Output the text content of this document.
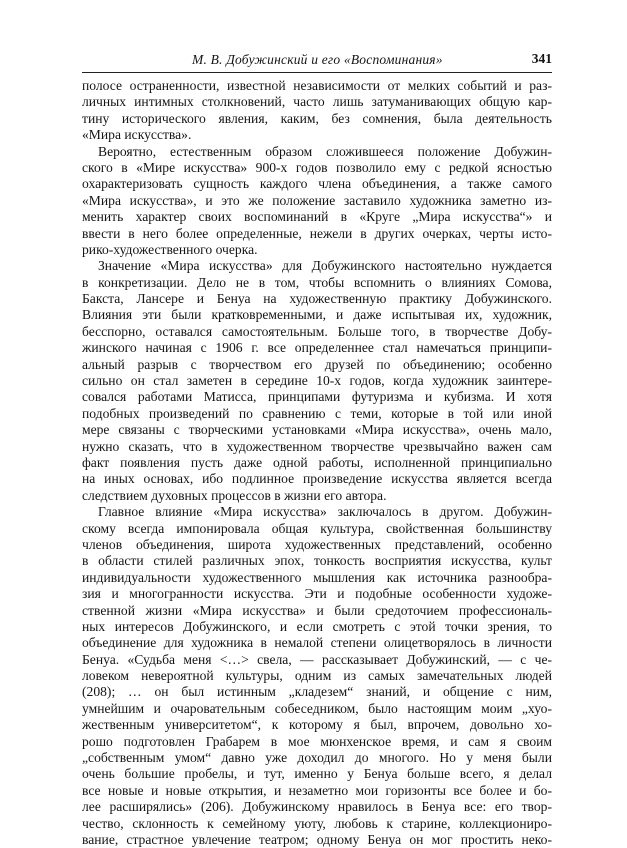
М. В. Добужинский и его «Воспоминания»	341
полосе остраненности, известной независимости от мелких событий и раз-
личных интимных столкновений, часто лишь затуманивающих общую кар-
тину исторического явления, каким, без сомнения, была деятельность
«Мира искусства».
Вероятно, естественным образом сложившееся положение Добужин-
ского в «Мире искусства» 900-х годов позволило ему с редкой ясностью
охарактеризовать сущность каждого члена объединения, а также самого
«Мира искусства», и это же положение заставило художника заметно из-
менить характер своих воспоминаний в «Круге „Мира искусства“» и
ввести в него более определенные, нежели в других очерках, черты исто-
рико-художественного очерка.
Значение «Мира искусства» для Добужинского настоятельно нуждается
в конкретизации. Дело не в том, чтобы вспомнить о влияниях Сомова,
Бакста, Лансере и Бенуа на художественную практику Добужинского.
Влияния эти были кратковременными, и даже испытывая их, художник,
бесспорно, оставался самостоятельным. Больше того, в творчестве Добу-
жинского начиная с 1906 г. все определеннее стал намечаться принципи-
альный разрыв с творчеством его друзей по объединению; особенно
сильно он стал заметен в середине 10-х годов, когда художник заинтере-
совался работами Матисса, принципами футуризма и кубизма. И хотя
подобных произведений по сравнению с теми, которые в той или иной
мере связаны с творческими установками «Мира искусства», очень мало,
нужно сказать, что в художественном творчестве чрезвычайно важен сам
факт появления пусть даже одной работы, исполненной принципиально
на иных основах, ибо подлинное произведение искусства является всегда
следствием духовных процессов в жизни его автора.
Главное влияние «Мира искусства» заключалось в другом. Добужин-
скому всегда импонировала общая культура, свойственная большинству
членов объединения, широта художественных представлений, особенно
в области стилей различных эпох, тонкость восприятия искусства, культ
индивидуальности художественного мышления как источника разнообра-
зия и многогранности искусства. Эти и подобные особенности художе-
ственной жизни «Мира искусства» и были средоточием профессиональ-
ных интересов Добужинского, и если смотреть с этой точки зрения, то
объединение для художника в немалой степени олицетворялось в личности
Бенуа. «Судьба меня <…> свела, — рассказывает Добужинский, — с че-
ловеком невероятной культуры, одним из самых замечательных людей
(208); … он был истинным „кладезем“ знаний, и общение с ним,
умнейшим и очаровательным собеседником, было настоящим моим „хуо-
жественным университетом“, к которому я был, впрочем, довольно хо-
рошо подготовлен Грабарем в мое мюнхенское время, и сам я своим
„собственным умом“ давно уже доходил до многого. Но у меня были
очень большие пробелы, и тут, именно у Бенуа больше всего, я делал
все новые и новые открытия, и незаметно мои горизонты все более и бо-
лее расширялись» (206). Добужинскому нравилось в Бенуа все: его твор-
чество, склонность к семейному уюту, любовь к старине, коллекциониро-
вание, страстное увлечение театром; одному Бенуа он мог простить неко-
